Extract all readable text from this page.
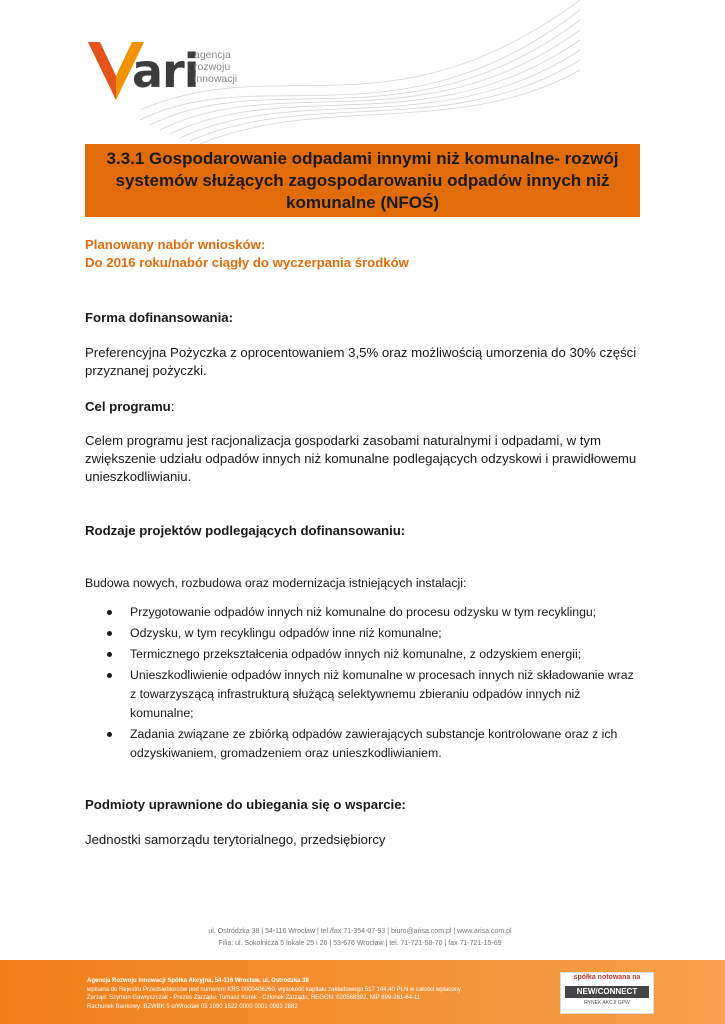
ari
agencja
rozwoju
innowacji
3.3.1 Gospodarowanie odpadami innymi niż komunalne- rozwój systemów służących zagospodarowaniu odpadów innych niż komunalne (NFOŚ)
Planowany nabór wniosków:
Do 2016 roku/nabór ciągły do wyczerpania środków
Forma dofinansowania:
Preferencyjna Pożyczka z oprocentowaniem 3,5% oraz możliwością umorzenia do 30% części przyznanej pożyczki.
Cel programu:
Celem programu jest racjonalizacja gospodarki zasobami naturalnymi i odpadami, w tym zwiększenie udziału odpadów innych niż komunalne podlegających odzyskowi i prawidłowemu unieszkodliwianiu.
Rodzaje projektów podlegających dofinansowaniu:
Budowa nowych, rozbudowa oraz modernizacja istniejących instalacji:
Przygotowanie odpadów innych niż komunalne do procesu odzysku w tym recyklingu;
Odzysku, w tym recyklingu odpadów inne niż komunalne;
Termicznego przekształcenia odpadów innych niż komunalne, z odzyskiem energii;
Unieszkodliwienie odpadów innych niż komunalne w procesach innych niż składowanie wraz z towarzyszącą infrastrukturą służącą selektywnemu zbieraniu odpadów innych niż komunalne;
Zadania związane ze zbiórką odpadów zawierających substancje kontrolowane oraz z ich odzyskiwaniem, gromadzeniem oraz unieszkodliwianiem.
Podmioty uprawnione do ubiegania się o wsparcie:
Jednostki samorządu terytorialnego, przedsiębiorcy
ul. Ostródzka 38 | 54-116 Wrocław | tel./fax 71-354-07-93 | biuro@arisa.com.pl | www.arisa.com.pl
Filia: ul. Sokolnicza 5 lokale 25 i 26 | 53-676 Wrocław | tel. 71-721-58-70 | fax 71-721-15-69
Agencja Rozwoju Innowacji Spółka Akcyjna, 54-116 Wrocław, ul. Ostródzka 38
wpisana do Rejestru Przedsiębiorców pod numerem KRS 0000406260, wysokość kapitału zakładowego 517 144,40 PLN w całości wpłacony.
Zarząd: Szymon Gawryszczak - Prezes Zarządu, Tomasz Kurek - Członek Zarządu, REGON: 020568392, NIP 899-261-64-11
Rachunek Bankowy: BZWBK 5 o/Wrocław 05 1090 1522 0000 0001 0993 2882
spółka notowana na
NEW/CONNECT
RYNEK AKCJI GPW
